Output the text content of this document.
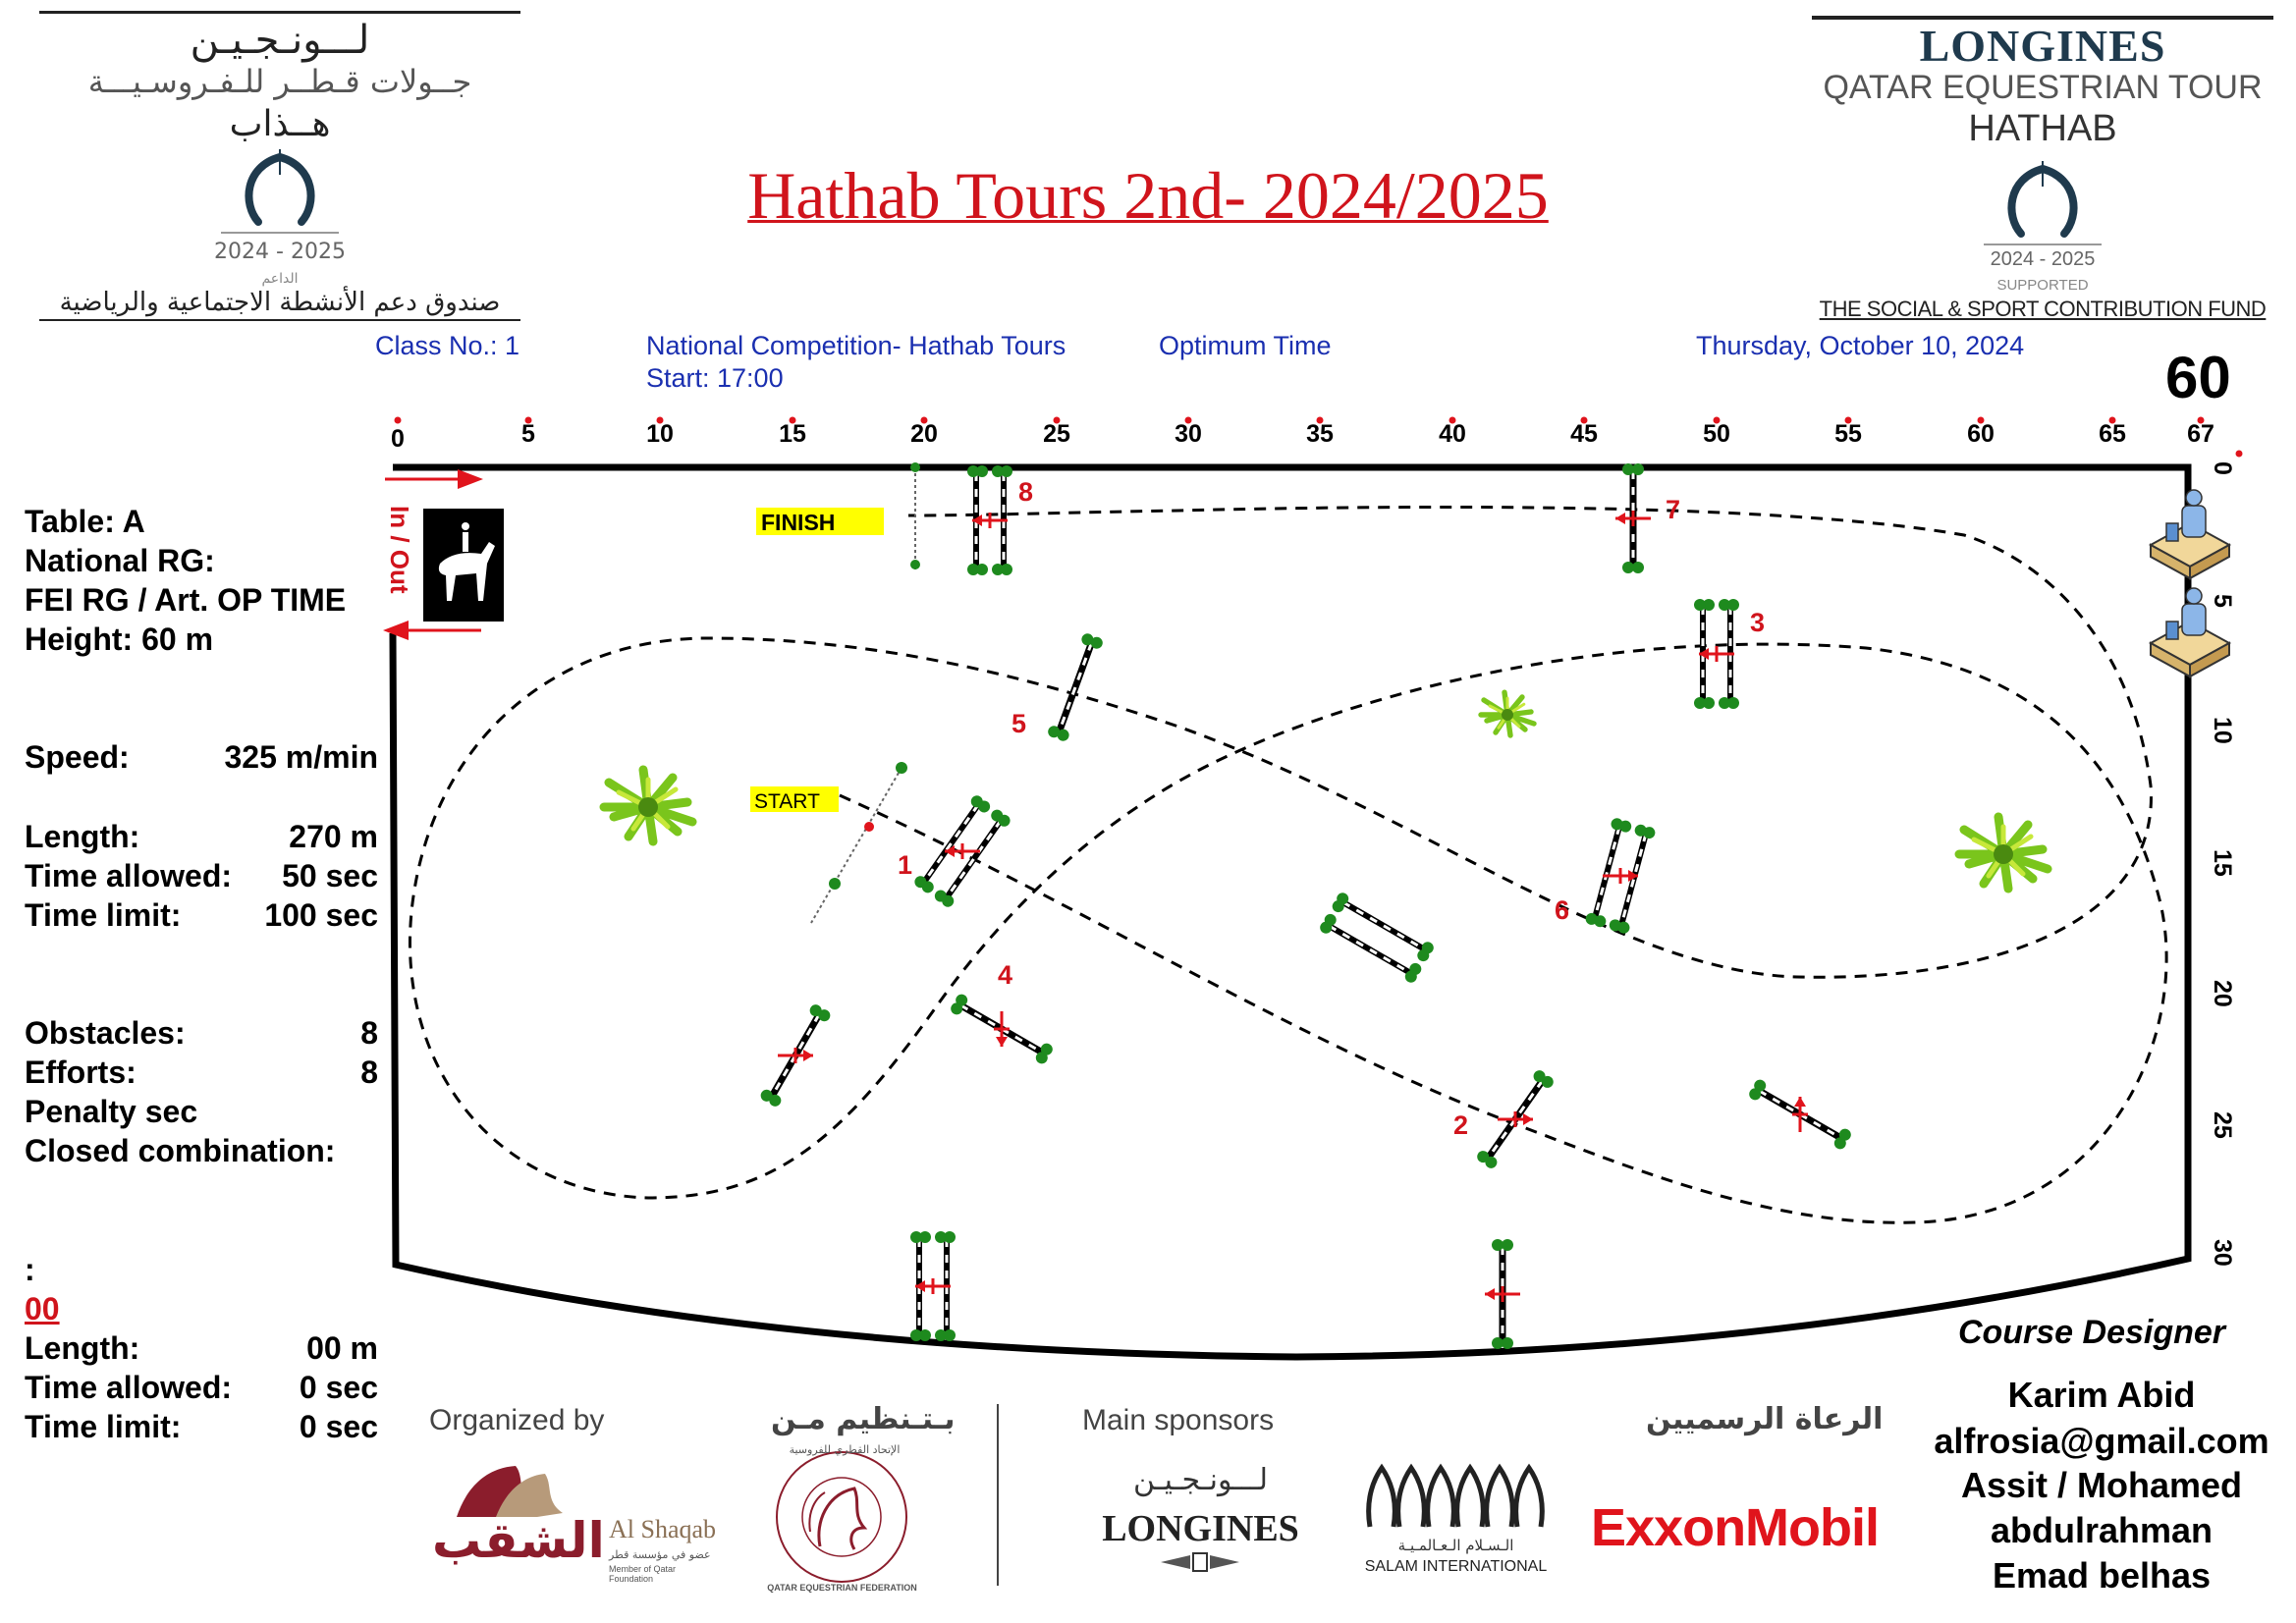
لـــونـجـيـن
جــولات قـطــر للـفـروسـيـــة
هــذاب
2024 - 2025
الداعم
صندوق دعم الأنشطة الاجتماعية والرياضية
LONGINES
QATAR EQUESTRIAN TOUR
HATHAB
2024 - 2025
SUPPORTED
THE SOCIAL & SPORT CONTRIBUTION FUND
Hathab Tours 2nd- 2024/2025
Class No.: 1	National Competition- Hathab Tours
Start: 17:00
Optimum Time	Thursday, October 10, 2024 60
Table: A
National RG:
FEI RG / Art. OP TIME
Height: 60 m
Speed:	325 m/min
Length:	270 m
Time allowed: 50 sec
Time limit:	100 sec
Obstacles:	8
Efforts:	8
Penalty sec
Closed combination:
:
00
Length:	00 m
Time allowed: 0 sec
Time limit:	0 sec
0	5	10	15	20	25	30	35	40	45	50	55	60	65 67
0
5
10
15
20
25
30
In / Out
START
FINISH
1
2
3
4
5
6
7
8
Course Designer
Karim Abid
alfrosia@gmail.com
Assit / Mohamed
abdulrahman
Emad belhas
Organized by	بـتـنظيم مـن	Main sponsors	الرعاة الرسميين
الشقب Al Shaqab
عضو في مؤسسة قطر
Member of Qatar Foundation
الإتحاد القطري للفروسية
QATAR EQUESTRIAN FEDERATION
لـــونـجـيـن
LONGINES	الـسـلام الـعـالمـيـة
SALAM INTERNATIONAL
ExxonMobil
